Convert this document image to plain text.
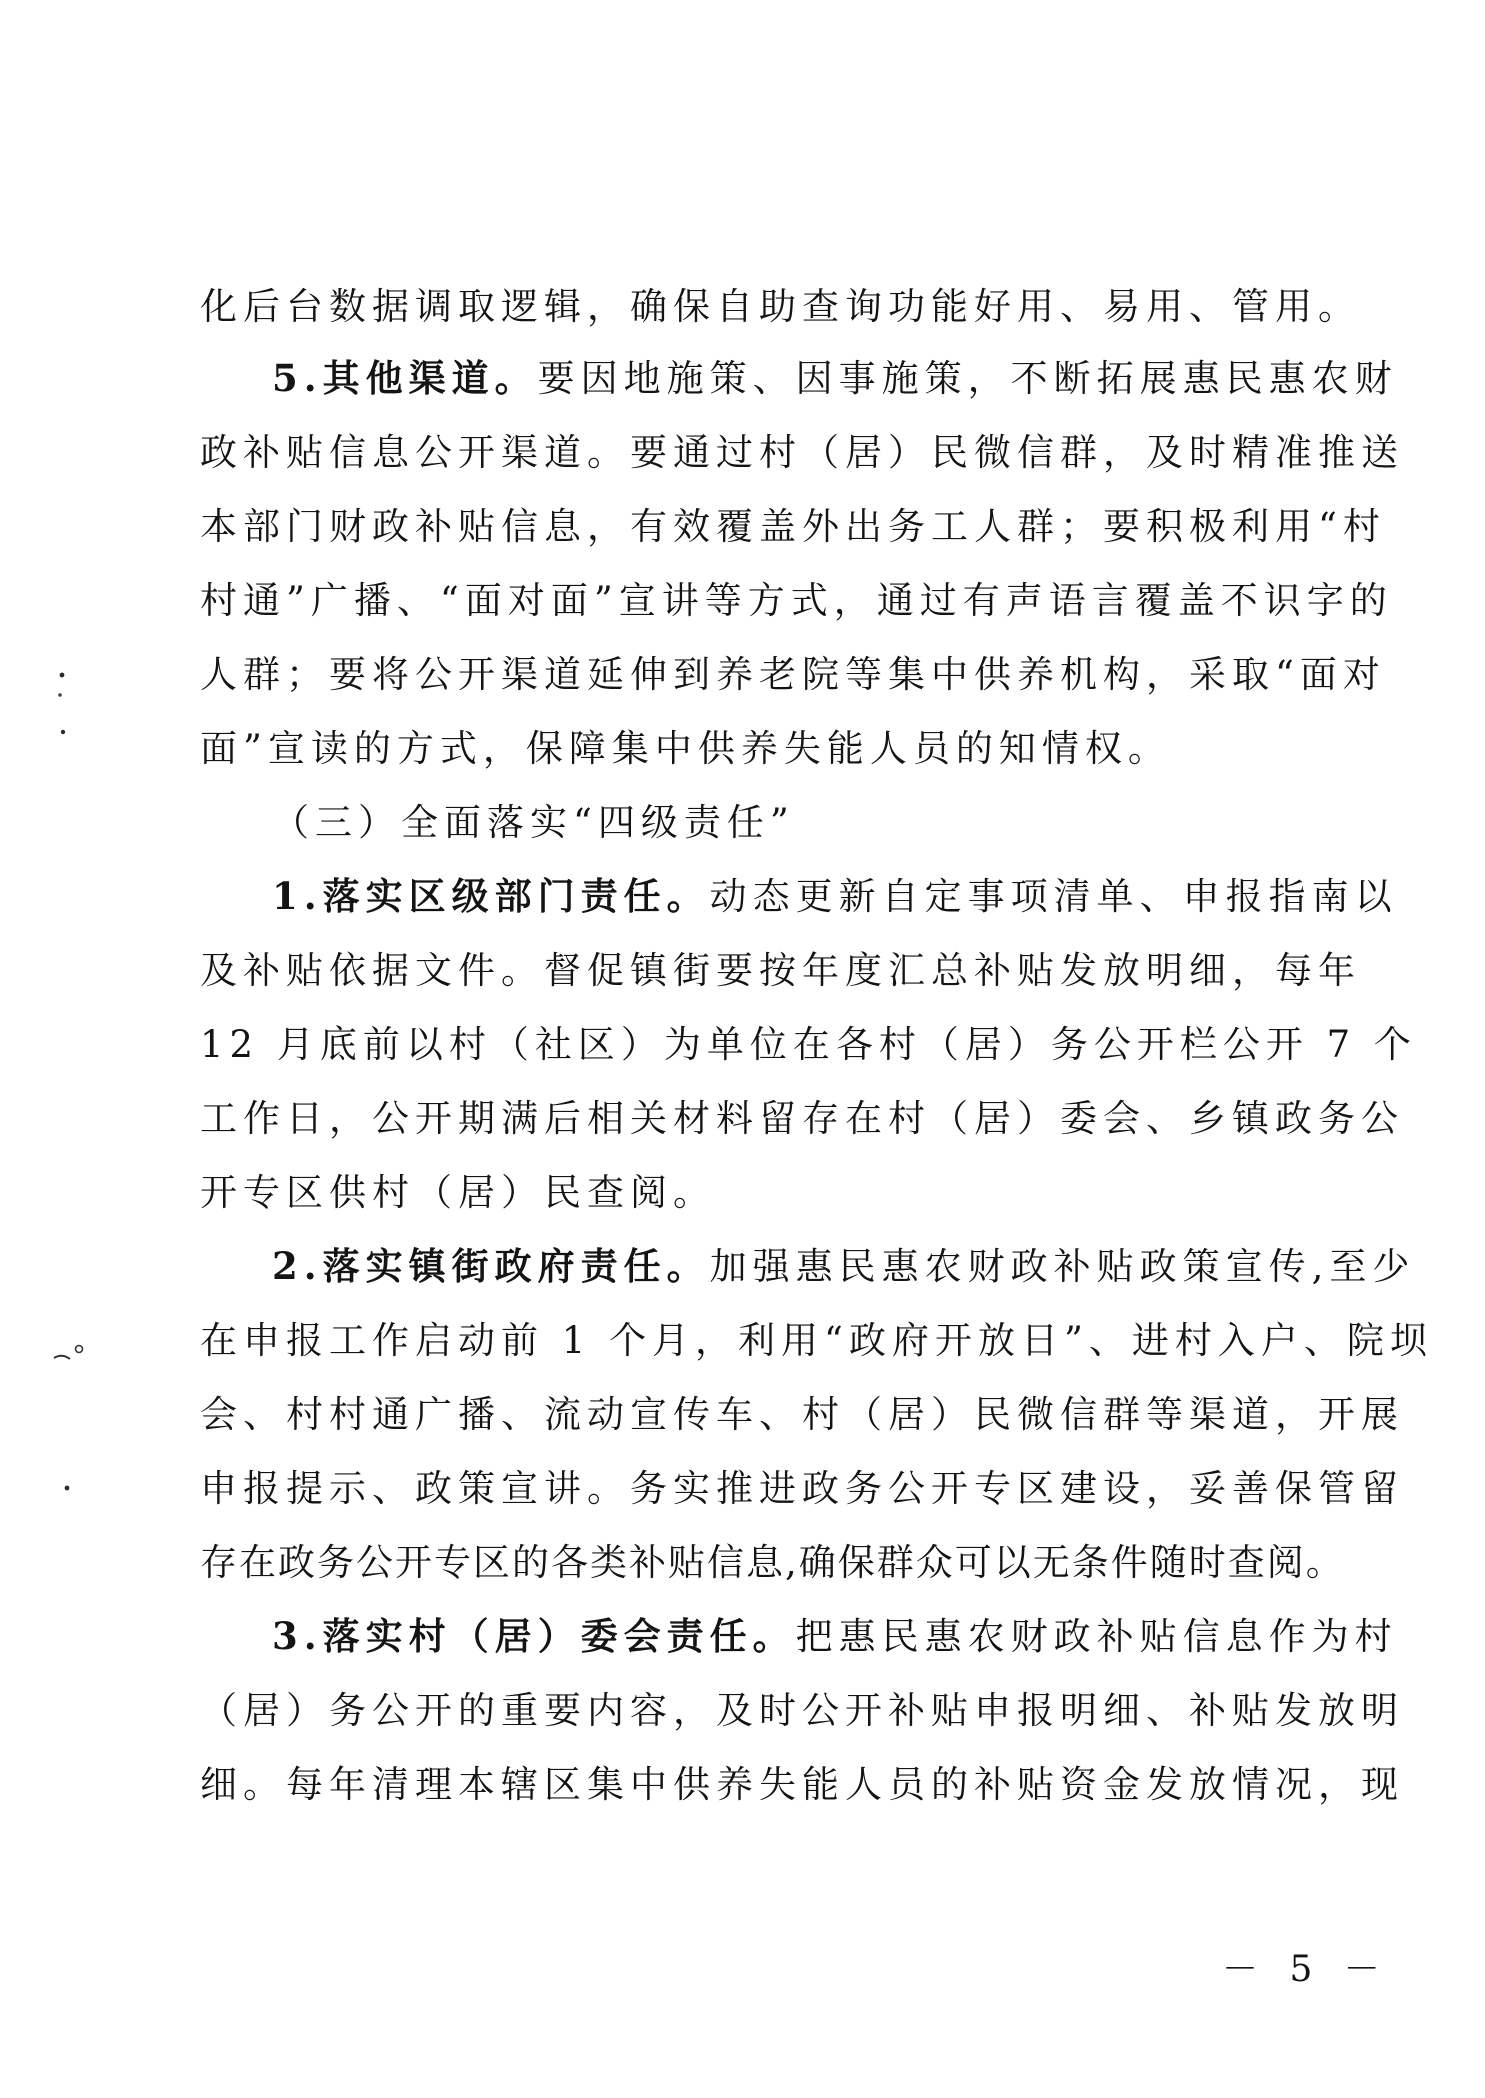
化后台数据调取逻辑，确保自助查询功能好用、易用、管用。
5.其他渠道。要因地施策、因事施策，不断拓展惠民惠农财
政补贴信息公开渠道。要通过村（居）民微信群，及时精准推送
本部门财政补贴信息，有效覆盖外出务工人群；要积极利用“村
村通”广播、“面对面”宣讲等方式，通过有声语言覆盖不识字的
人群；要将公开渠道延伸到养老院等集中供养机构，采取“面对
面”宣读的方式，保障集中供养失能人员的知情权。
（三）全面落实“四级责任”
1.落实区级部门责任。动态更新自定事项清单、申报指南以
及补贴依据文件。督促镇街要按年度汇总补贴发放明细，每年
12 月底前以村（社区）为单位在各村（居）务公开栏公开 7 个
工作日，公开期满后相关材料留存在村（居）委会、乡镇政务公
开专区供村（居）民查阅。
2.落实镇街政府责任。加强惠民惠农财政补贴政策宣传,至少
在申报工作启动前 1 个月，利用“政府开放日”、进村入户、院坝
会、村村通广播、流动宣传车、村（居）民微信群等渠道，开展
申报提示、政策宣讲。务实推进政务公开专区建设，妥善保管留
存在政务公开专区的各类补贴信息,确保群众可以无条件随时查阅。
3.落实村（居）委会责任。把惠民惠农财政补贴信息作为村
（居）务公开的重要内容，及时公开补贴申报明细、补贴发放明
细。每年清理本辖区集中供养失能人员的补贴资金发放情况，现
－ 5 －
